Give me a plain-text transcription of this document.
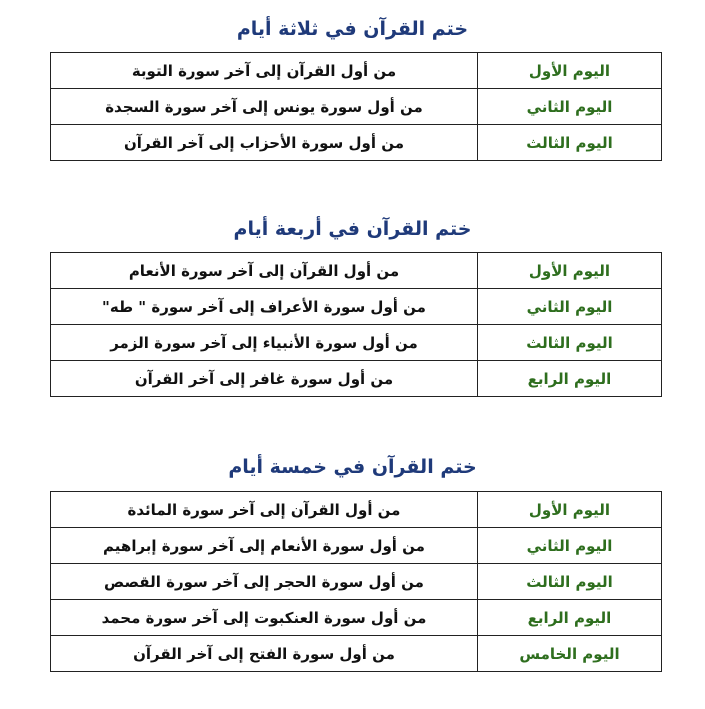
ختم القرآن في ثلاثة أيام
اليوم الأول	من أول القرآن إلى آخر سورة التوبة
اليوم الثاني	من أول سورة يونس إلى آخر سورة السجدة
اليوم الثالث	من أول سورة الأحزاب إلى آخر القرآن
ختم القرآن في أربعة أيام
اليوم الأول	من أول القرآن إلى آخر سورة الأنعام
اليوم الثاني	من أول سورة الأعراف إلى آخر سورة " طه"
اليوم الثالث	من أول سورة الأنبياء إلى آخر سورة الزمر
اليوم الرابع	من أول سورة غافر إلى آخر القرآن
ختم القرآن في خمسة أيام
اليوم الأول	من أول القرآن إلى آخر سورة المائدة
اليوم الثاني	من أول سورة الأنعام إلى آخر سورة إبراهيم
اليوم الثالث	من أول سورة الحجر إلى آخر سورة القصص
اليوم الرابع	من أول سورة العنكبوت إلى آخر سورة محمد
اليوم الخامس	من أول سورة الفتح إلى آخر القرآن
